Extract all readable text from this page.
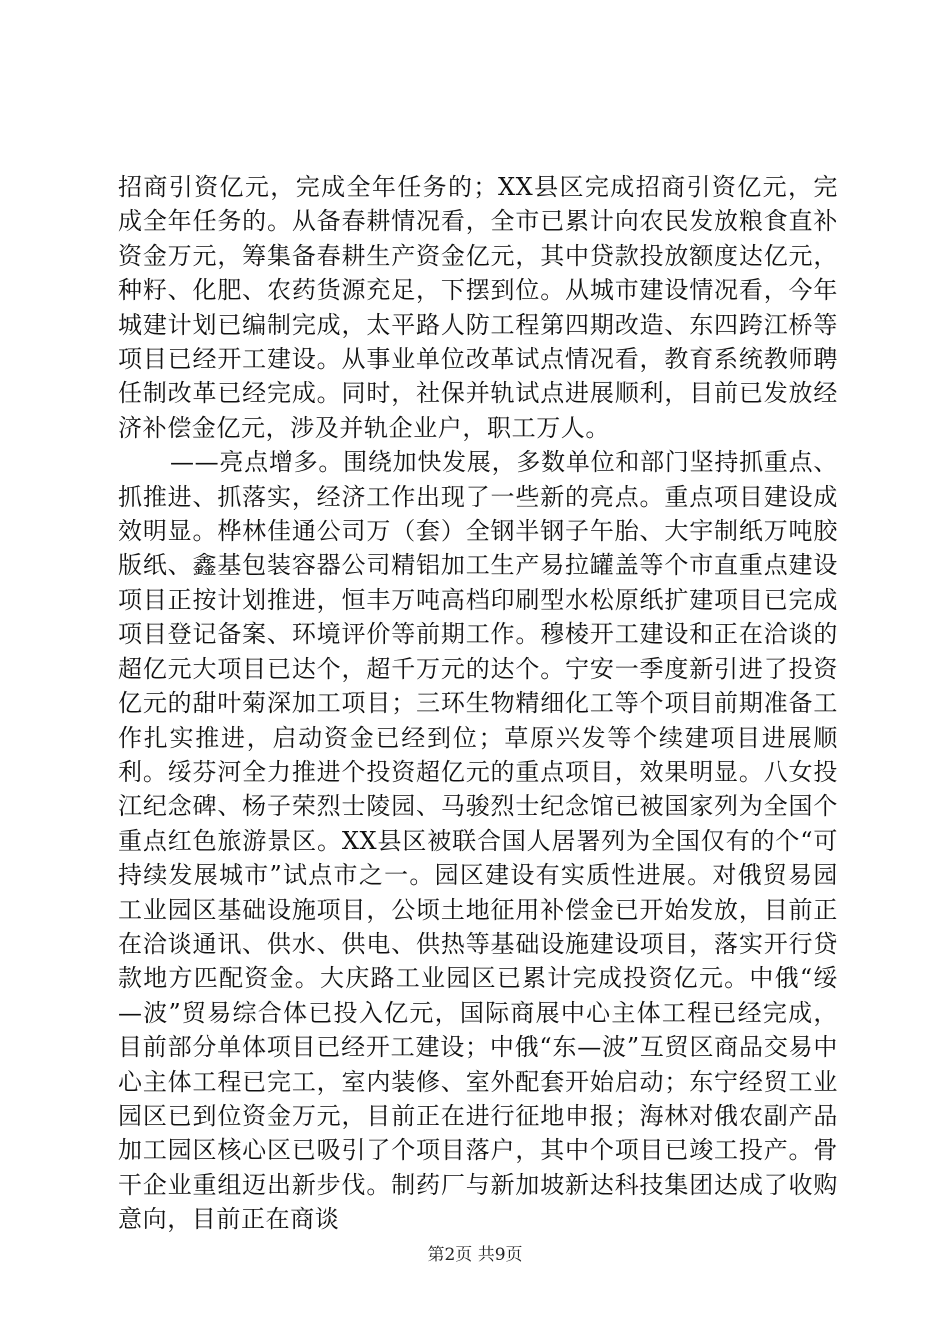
招商引资亿元，完成全年任务的；XX县区完成招商引资亿元，完成全年任务的。从备春耕情况看，全市已累计向农民发放粮食直补资金万元，筹集备春耕生产资金亿元，其中贷款投放额度达亿元，种籽、化肥、农药货源充足，下摆到位。从城市建设情况看，今年城建计划已编制完成，太平路人防工程第四期改造、东四跨江桥等项目已经开工建设。从事业单位改革试点情况看，教育系统教师聘任制改革已经完成。同时，社保并轨试点进展顺利，目前已发放经济补偿金亿元，涉及并轨企业户，职工万人。

——亮点增多。围绕加快发展，多数单位和部门坚持抓重点、抓推进、抓落实，经济工作出现了一些新的亮点。重点项目建设成效明显。桦林佳通公司万（套）全钢半钢子午胎、大宇制纸万吨胶版纸、鑫基包装容器公司精铝加工生产易拉罐盖等个市直重点建设项目正按计划推进，恒丰万吨高档印刷型水松原纸扩建项目已完成项目登记备案、环境评价等前期工作。穆棱开工建设和正在洽谈的超亿元大项目已达个，超千万元的达个。宁安一季度新引进了投资亿元的甜叶菊深加工项目；三环生物精细化工等个项目前期准备工作扎实推进，启动资金已经到位；草原兴发等个续建项目进展顺利。绥芬河全力推进个投资超亿元的重点项目，效果明显。八女投江纪念碑、杨子荣烈士陵园、马骏烈士纪念馆已被国家列为全国个重点红色旅游景区。XX县区被联合国人居署列为全国仅有的个“可持续发展城市”试点市之一。园区建设有实质性进展。对俄贸易园工业园区基础设施项目，公顷土地征用补偿金已开始发放，目前正在洽谈通讯、供水、供电、供热等基础设施建设项目，落实开行贷款地方匹配资金。大庆路工业园区已累计完成投资亿元。中俄“绥—波”贸易综合体已投入亿元，国际商展中心主体工程已经完成，目前部分单体项目已经开工建设；中俄“东—波”互贸区商品交易中心主体工程已完工，室内装修、室外配套开始启动；东宁经贸工业园区已到位资金万元，目前正在进行征地申报；海林对俄农副产品加工园区核心区已吸引了个项目落户，其中个项目已竣工投产。骨干企业重组迈出新步伐。制药厂与新加坡新达科技集团达成了收购意向，目前正在商谈

第2页 共9页
